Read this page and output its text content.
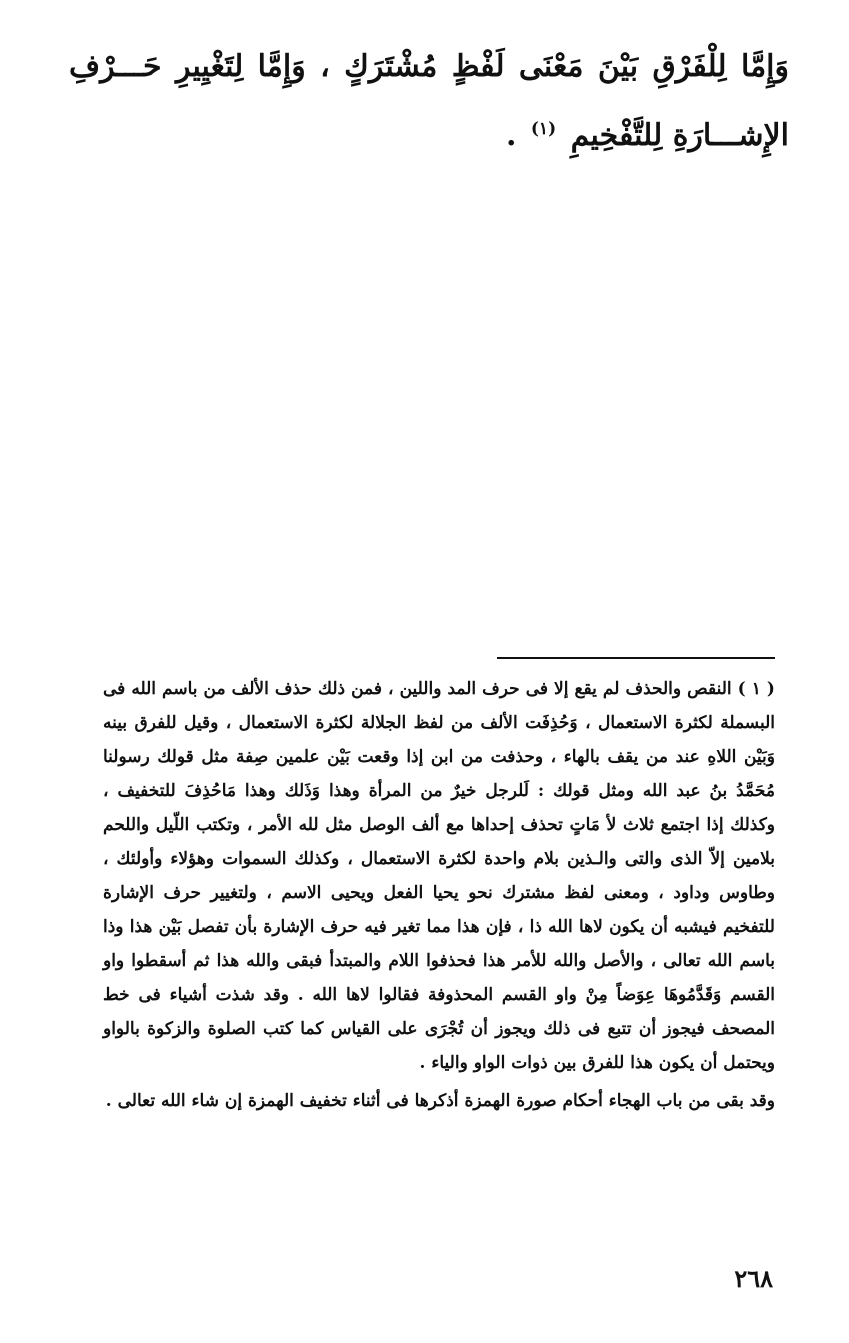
وَإِمَّا لِلْفَرْقِ بَيْنَ مَعْنَى لَفْظٍ مُشْتَرَكٍ ، وَإِمَّا لِتَغْيِيرِ حَـــرْفِ الإِشـــارَةِ لِلتَّفْخِيمِ $^{(١)}$ .

( ١ ) النقص والحذف لم يقع إلا فى حرف المد واللين ، فمن ذلك حذف الألف من باسم الله فى البسملة لكثرة الاستعمال ، وَحُذِفَت الألف من لفظ الجلالة لكثرة الاستعمال ، وقيل للفرق بينه وَبَيْن اللاهِ عند من يقف بالهاء ، وحذفت من ابن إذا وقعت بَيْن علمين صِفة مثل قولك رسولنا مُحَمَّدُ بنُ عبد الله ومثل قولك : لَلرجل خيرٌ من المرأة وهذا وَذَلك وهذا مَاحُذِفَ للتخفيف ، وكذلك إذا اجتمع ثلاث لأ مَاتٍ تحذف إحداها مع ألف الوصل مثل لله الأمر ، وتكتب اللّيل واللحم بلامين إلاّ الذى والتى والـذين بلام واحدة لكثرة الاستعمال ، وكذلك السموات وهؤلاء وأولئك ، وطاوس وداود ، ومعنى لفظ مشترك نحو يحيا الفعل ويحيى الاسم ، ولتغيير حرف الإشارة للتفخيم فيشبه أن يكون لاها الله ذا ، فإن هذا مما تغير فيه حرف الإشارة بأن تفصل بَيْن هذا وذا باسم الله تعالى ، والأصل والله للأمر هذا فحذفوا اللام والمبتدأ فبقى والله هذا ثم أسقطوا واو القسم وَقَدَّمُوهَا عِوَضاً مِنْ واو القسم المحذوفة فقالوا لاها الله . وقد شذت أشياء فى خط المصحف فيجوز أن تتبع فى ذلك ويجوز أن تُجْرَى على القياس كما كتب الصلوة والزكوة بالواو ويحتمل أن يكون هذا للفرق بين ذوات الواو والياء .

وقد بقى من باب الهجاء أحكام صورة الهمزة أذكرها فى أثناء تخفيف الهمزة إن شاء الله تعالى .

٢٦٨
